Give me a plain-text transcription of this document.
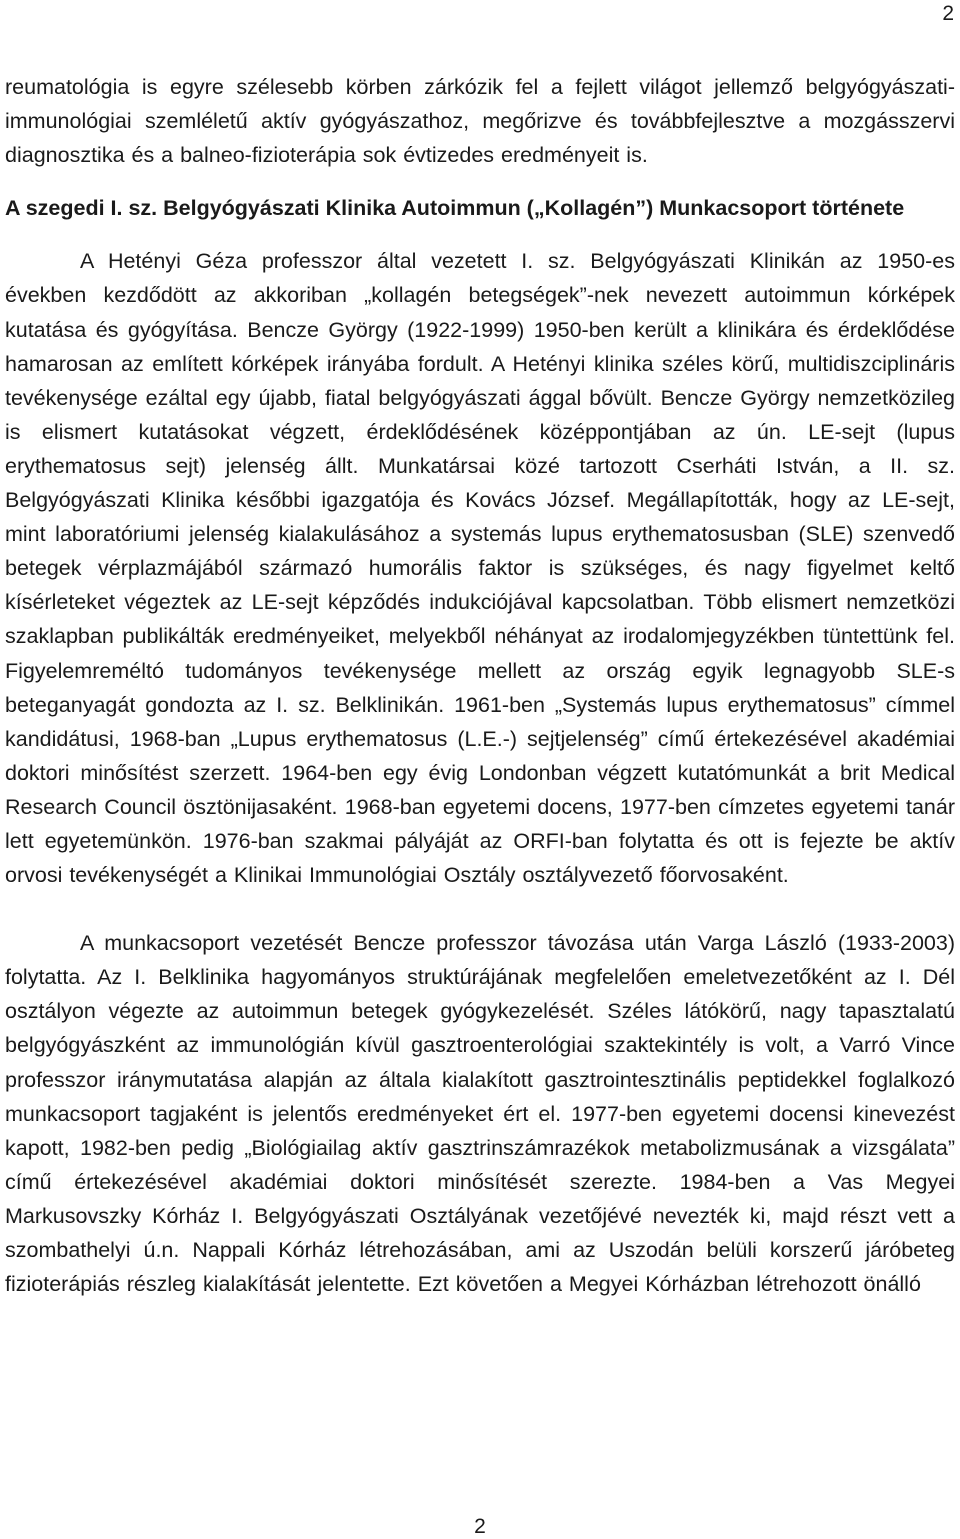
2

reumatológia is egyre szélesebb körben zárkózik fel a fejlett világot jellemző belgyógyászati-immunológiai szemléletű aktív gyógyászathoz, megőrizve és továbbfejlesztve a mozgásszervi diagnosztika és a balneo-fizioterápia sok évtizedes eredményeit is.

A szegedi I. sz. Belgyógyászati Klinika Autoimmun („Kollagén”) Munkacsoport története

A Hetényi Géza professzor által vezetett I. sz. Belgyógyászati Klinikán az 1950-es években kezdődött az akkoriban „kollagén betegségek”-nek nevezett autoimmun kórképek kutatása és gyógyítása. Bencze György (1922-1999) 1950-ben került a klinikára és érdeklődése hamarosan az említett kórképek irányába fordult. A Hetényi klinika széles körű, multidiszciplináris tevékenysége ezáltal egy újabb, fiatal belgyógyászati ággal bővült. Bencze György nemzetközileg is elismert kutatásokat végzett, érdeklődésének középpontjában az ún. LE-sejt (lupus erythematosus sejt) jelenség állt. Munkatársai közé tartozott Cserháti István, a II. sz. Belgyógyászati Klinika későbbi igazgatója és Kovács József. Megállapították, hogy az LE-sejt, mint laboratóriumi jelenség kialakulásához a systemás lupus erythematosusban (SLE) szenvedő betegek vérplazmájából származó humorális faktor is szükséges, és nagy figyelmet keltő kísérleteket végeztek az LE-sejt képződés indukciójával kapcsolatban. Több elismert nemzetközi szaklapban publikálták eredményeiket, melyekből néhányat az irodalomjegyzékben tüntettünk fel. Figyelemreméltó tudományos tevékenysége mellett az ország egyik legnagyobb SLE-s beteganyagát gondozta az I. sz. Belklinikán. 1961-ben „Systemás lupus erythematosus” címmel kandidátusi, 1968-ban „Lupus erythematosus (L.E.-) sejtjelenség” című értekezésével akadémiai doktori minősítést szerzett. 1964-ben egy évig Londonban végzett kutatómunkát a brit Medical Research Council ösztönijasaként. 1968-ban egyetemi docens, 1977-ben címzetes egyetemi tanár lett egyetemünkön. 1976-ban szakmai pályáját az ORFI-ban folytatta és ott is fejezte be aktív orvosi tevékenységét a Klinikai Immunológiai Osztály osztályvezető főorvosaként.

A munkacsoport vezetését Bencze professzor távozása után Varga László (1933-2003) folytatta. Az I. Belklinika hagyományos struktúrájának megfelelően emeletvezetőként az I. Dél osztályon végezte az autoimmun betegek gyógykezelését. Széles látókörű, nagy tapasztalatú belgyógyászként az immunológián kívül gasztroenterológiai szaktekintély is volt, a Varró Vince professzor iránymutatása alapján az általa kialakított gasztrointesztinális peptidekkel foglalkozó munkacsoport tagjaként is jelentős eredményeket ért el. 1977-ben egyetemi docensi kinevezést kapott, 1982-ben pedig „Biológiailag aktív gasztrinszámrazékok metabolizmusának a vizsgálata” című értekezésével akadémiai doktori minősítését szerezte. 1984-ben a Vas Megyei Markusovszky Kórház I. Belgyógyászati Osztályának vezetőjévé nevezték ki, majd részt vett a szombathelyi ú.n. Nappali Kórház létrehozásában, ami az Uszodán belüli korszerű járóbeteg fizioterápiás részleg kialakítását jelentette. Ezt követően a Megyei Kórházban létrehozott önálló

2
